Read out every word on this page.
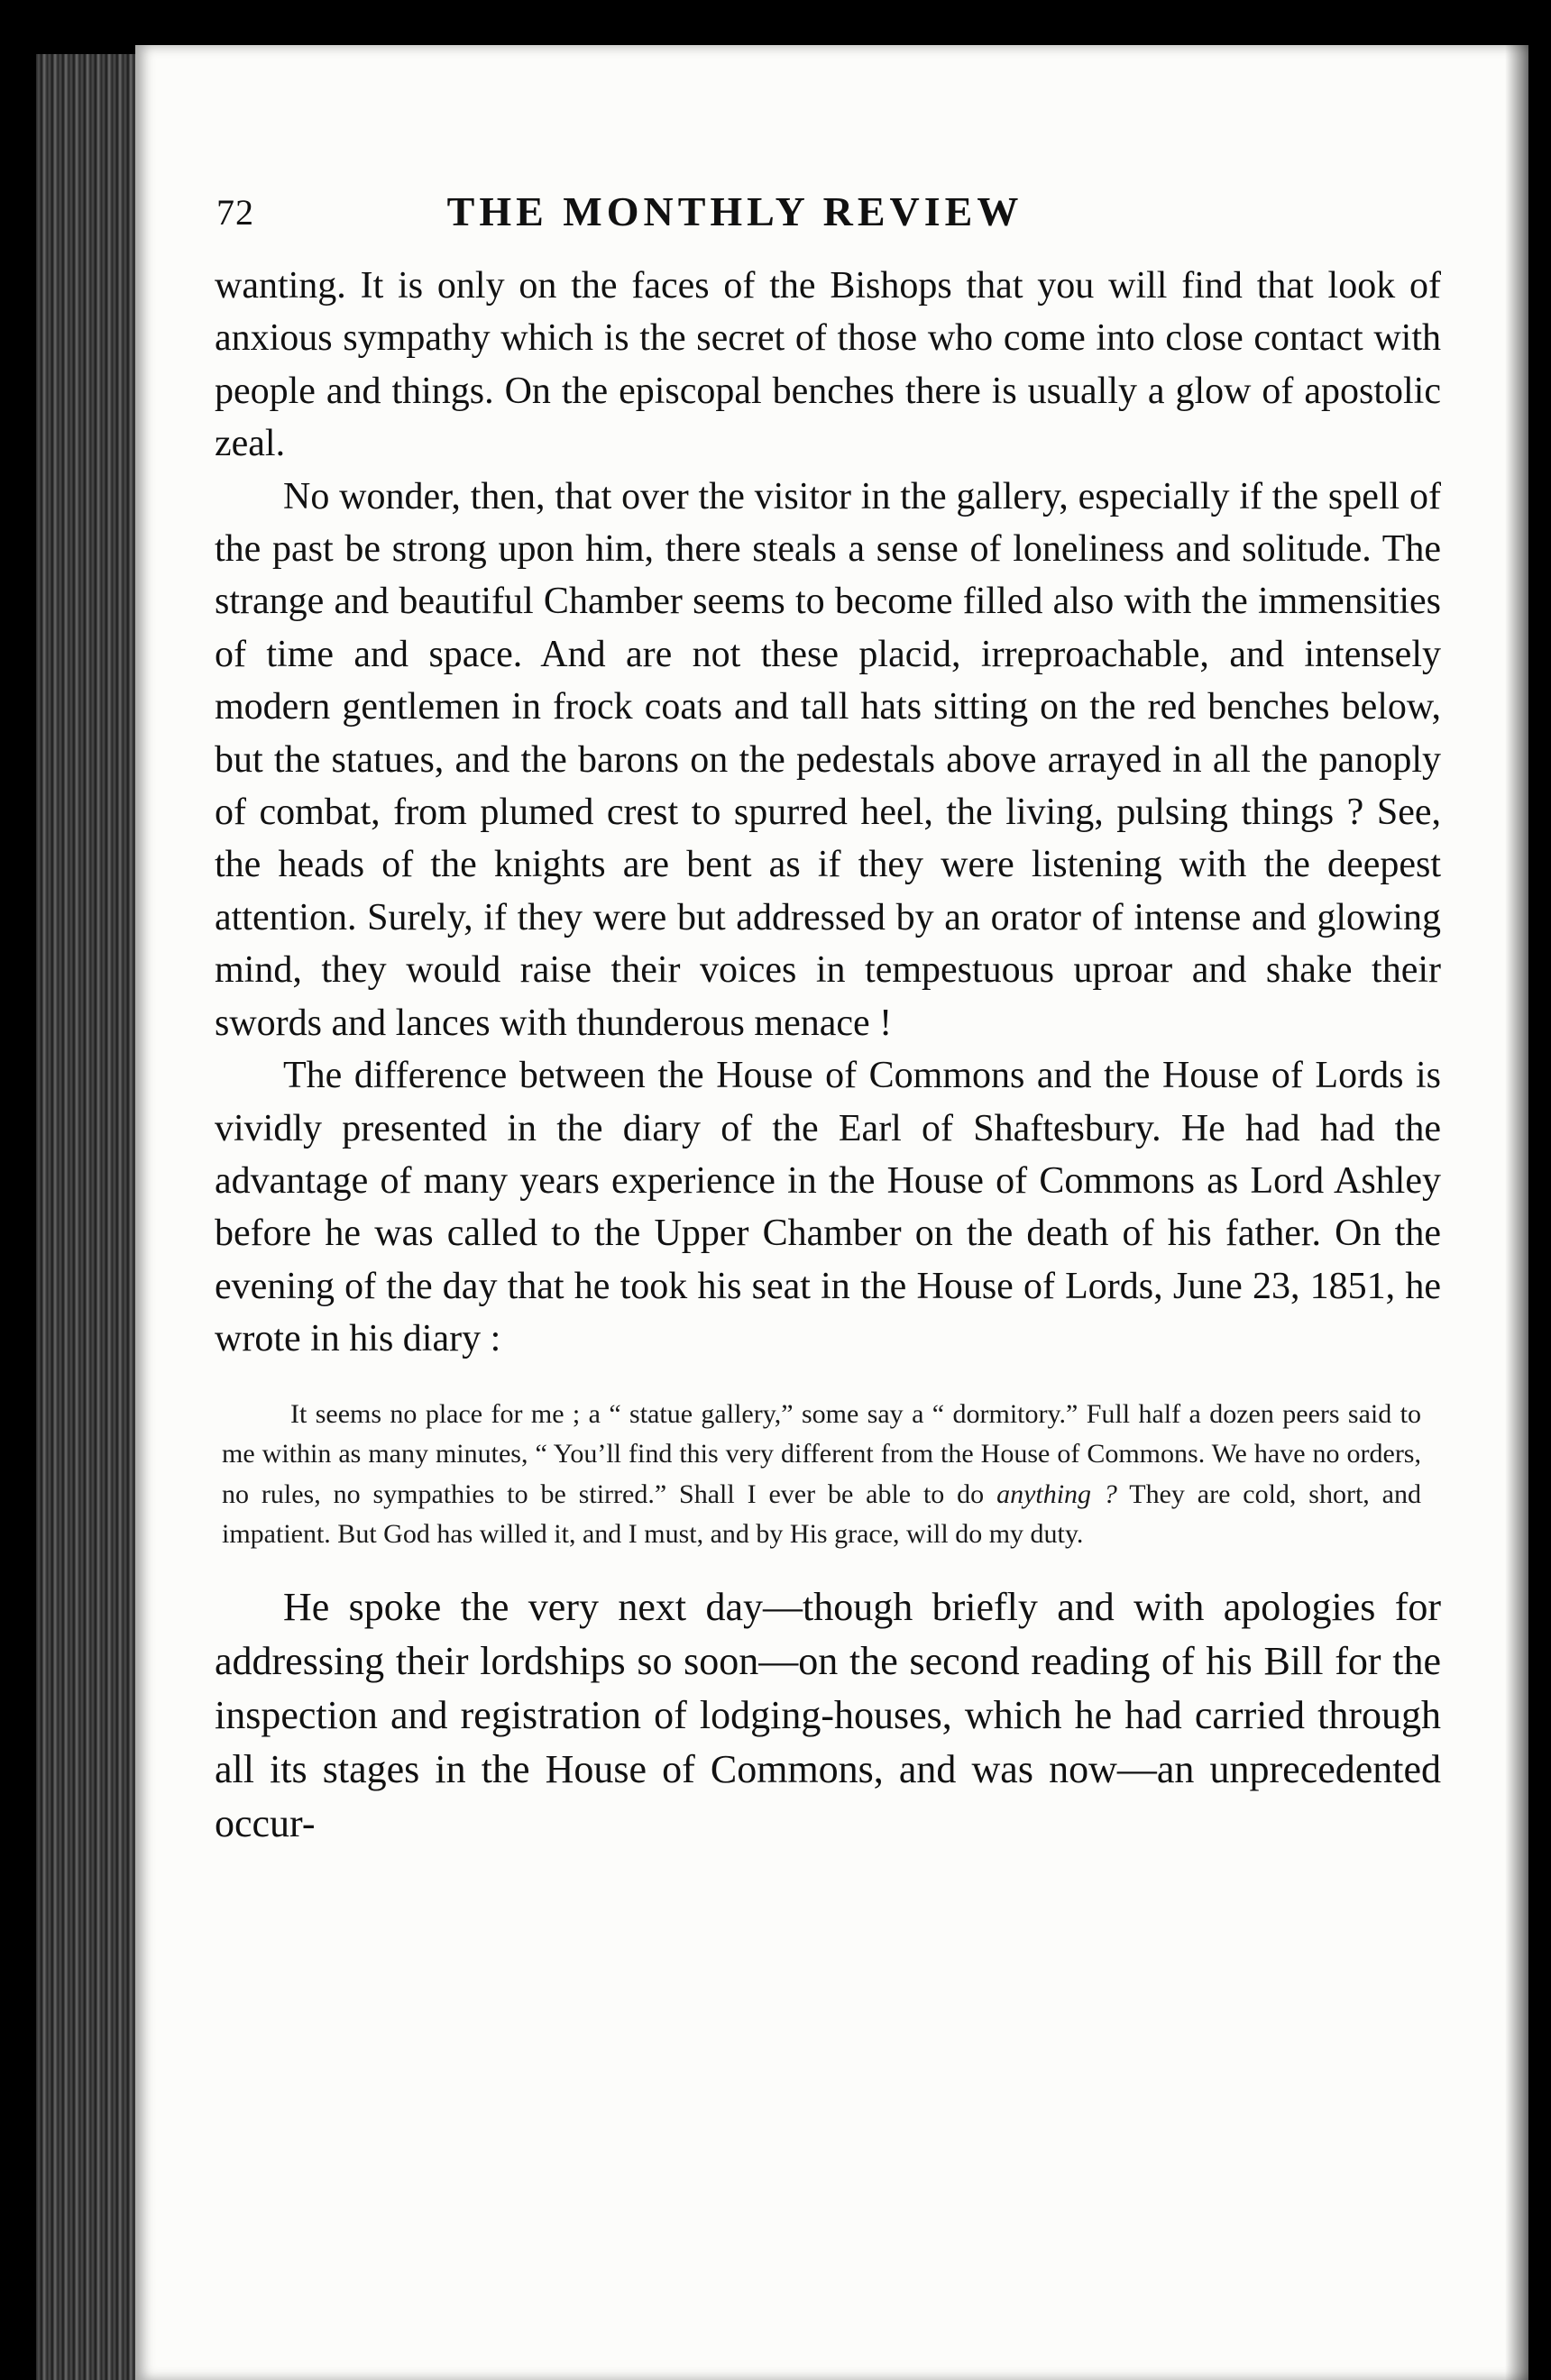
72	THE MONTHLY REVIEW

wanting. It is only on the faces of the Bishops that you will find that look of anxious sympathy which is the secret of those who come into close contact with people and things. On the episcopal benches there is usually a glow of apostolic zeal.

No wonder, then, that over the visitor in the gallery, especially if the spell of the past be strong upon him, there steals a sense of loneliness and solitude. The strange and beautiful Chamber seems to become filled also with the immensities of time and space. And are not these placid, irreproachable, and intensely modern gentlemen in frock coats and tall hats sitting on the red benches below, but the statues, and the barons on the pedestals above arrayed in all the panoply of combat, from plumed crest to spurred heel, the living, pulsing things ? See, the heads of the knights are bent as if they were listening with the deepest attention. Surely, if they were but addressed by an orator of intense and glowing mind, they would raise their voices in tempestuous uproar and shake their swords and lances with thunderous menace !

The difference between the House of Commons and the House of Lords is vividly presented in the diary of the Earl of Shaftesbury. He had had the advantage of many years experience in the House of Commons as Lord Ashley before he was called to the Upper Chamber on the death of his father. On the evening of the day that he took his seat in the House of Lords, June 23, 1851, he wrote in his diary :

It seems no place for me ; a “ statue gallery,” some say a “ dormitory.” Full half a dozen peers said to me within as many minutes, “ You’ll find this very different from the House of Commons. We have no orders, no rules, no sympathies to be stirred.” Shall I ever be able to do anything ? They are cold, short, and impatient. But God has willed it, and I must, and by His grace, will do my duty.

He spoke the very next day—though briefly and with apologies for addressing their lordships so soon—on the second reading of his Bill for the inspection and registration of lodging-houses, which he had carried through all its stages in the House of Commons, and was now—an unprecedented occur-
